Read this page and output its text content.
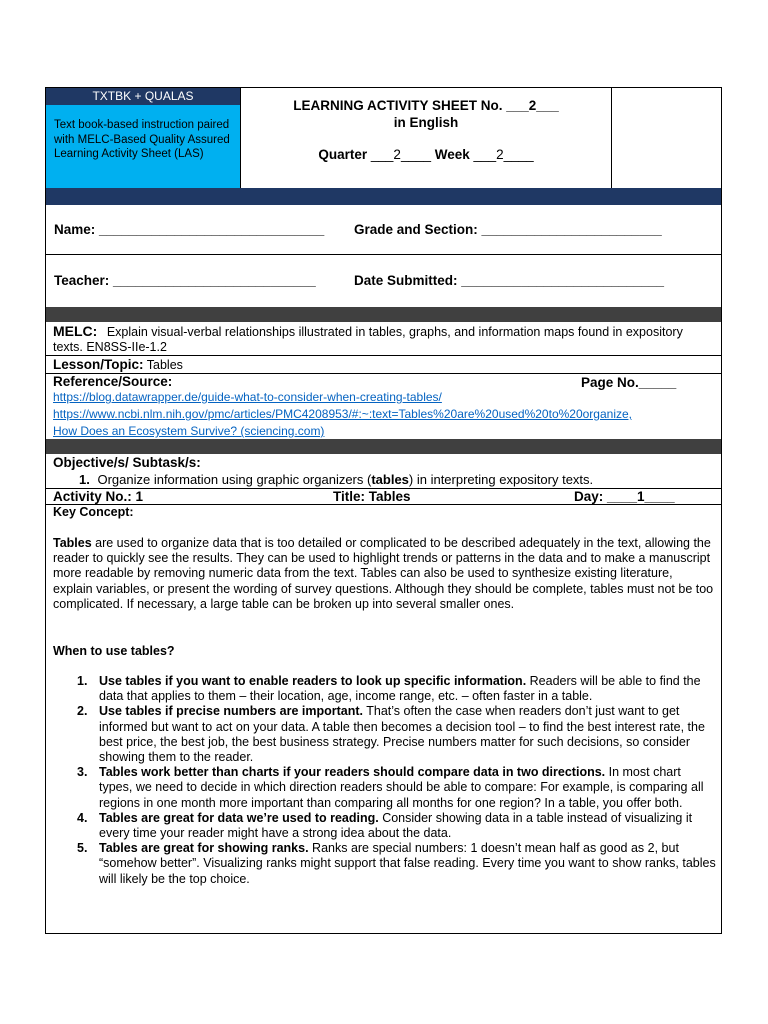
TXTBK + QUALAS
Text book-based instruction paired with MELC-Based Quality Assured Learning Activity Sheet (LAS)
LEARNING ACTIVITY SHEET No. ___2___
in English
Quarter ___2____ Week ___2____
Name: ______________________________ Grade and Section: ________________________
Teacher: ___________________________	Date Submitted: ___________________________
MELC: Explain visual-verbal relationships illustrated in tables, graphs, and information maps found in expository texts. EN8SS-IIe-1.2
Lesson/Topic: Tables
Reference/Source:	Page No._____
https://blog.datawrapper.de/guide-what-to-consider-when-creating-tables/
https://www.ncbi.nlm.nih.gov/pmc/articles/PMC4208953/#:~:text=Tables%20are%20used%20to%20organize,
How Does an Ecosystem Survive? (sciencing.com)
Objective/s/ Subtask/s:
1. Organize information using graphic organizers (tables) in interpreting expository texts.
Activity No.: 1	Title: Tables	Day: ____1____
Key Concept:
Tables are used to organize data that is too detailed or complicated to be described adequately in the text, allowing the reader to quickly see the results. They can be used to highlight trends or patterns in the data and to make a manuscript more readable by removing numeric data from the text. Tables can also be used to synthesize existing literature, explain variables, or present the wording of survey questions. Although they should be complete, tables must not be too complicated. If necessary, a large table can be broken up into several smaller ones.
When to use tables?
1. Use tables if you want to enable readers to look up specific information. Readers will be able to find the data that applies to them – their location, age, income range, etc. – often faster in a table.
2. Use tables if precise numbers are important. That’s often the case when readers don’t just want to get informed but want to act on your data. A table then becomes a decision tool – to find the best interest rate, the best price, the best job, the best business strategy. Precise numbers matter for such decisions, so consider showing them to the reader.
3. Tables work better than charts if your readers should compare data in two directions. In most chart types, we need to decide in which direction readers should be able to compare: For example, is comparing all regions in one month more important than comparing all months for one region? In a table, you offer both.
4. Tables are great for data we’re used to reading. Consider showing data in a table instead of visualizing it every time your reader might have a strong idea about the data.
5. Tables are great for showing ranks. Ranks are special numbers: 1 doesn’t mean half as good as 2, but “somehow better”. Visualizing ranks might support that false reading. Every time you want to show ranks, tables will likely be the top choice.
